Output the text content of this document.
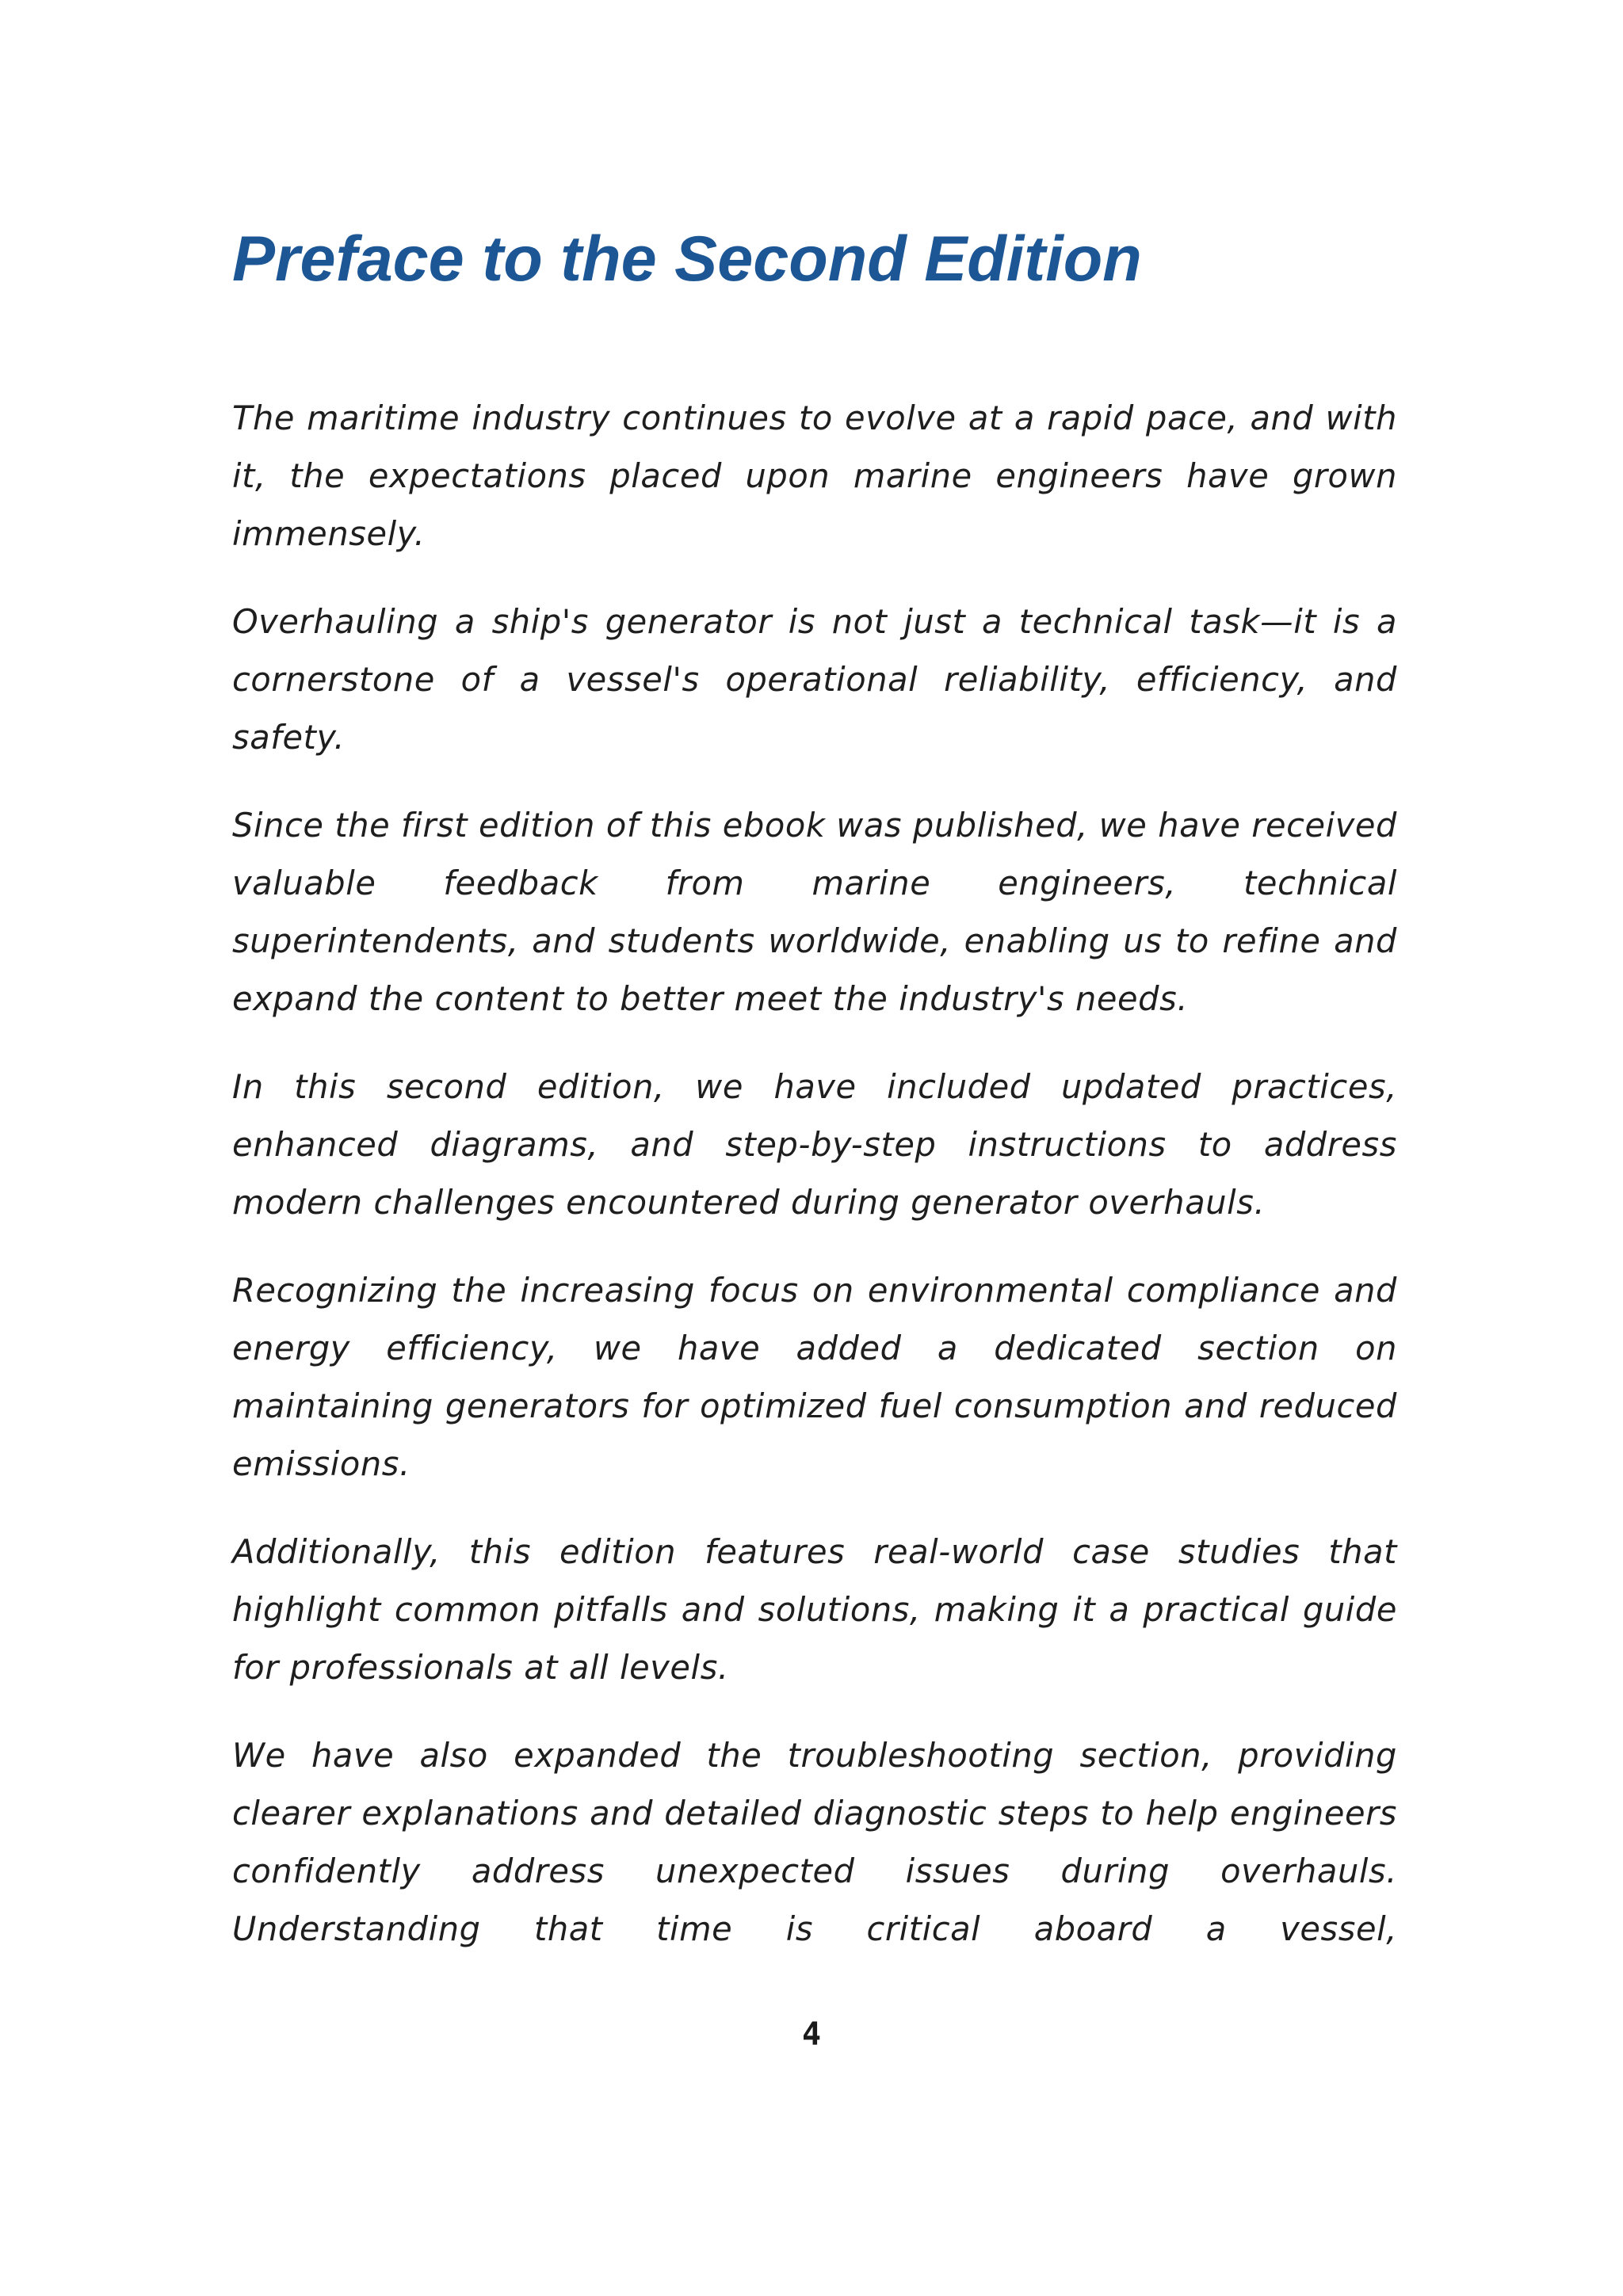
Preface to the Second Edition

The maritime industry continues to evolve at a rapid pace, and with it, the expectations placed upon marine engineers have grown immensely.

Overhauling a ship's generator is not just a technical task—it is a cornerstone of a vessel's operational reliability, efficiency, and safety.

Since the first edition of this ebook was published, we have received valuable feedback from marine engineers, technical superintendents, and students worldwide, enabling us to refine and expand the content to better meet the industry's needs.

In this second edition, we have included updated practices, enhanced diagrams, and step-by-step instructions to address modern challenges encountered during generator overhauls.

Recognizing the increasing focus on environmental compliance and energy efficiency, we have added a dedicated section on maintaining generators for optimized fuel consumption and reduced emissions.

Additionally, this edition features real-world case studies that highlight common pitfalls and solutions, making it a practical guide for professionals at all levels.

We have also expanded the troubleshooting section, providing clearer explanations and detailed diagnostic steps to help engineers confidently address unexpected issues during overhauls. Understanding that time is critical aboard a vessel,

4
